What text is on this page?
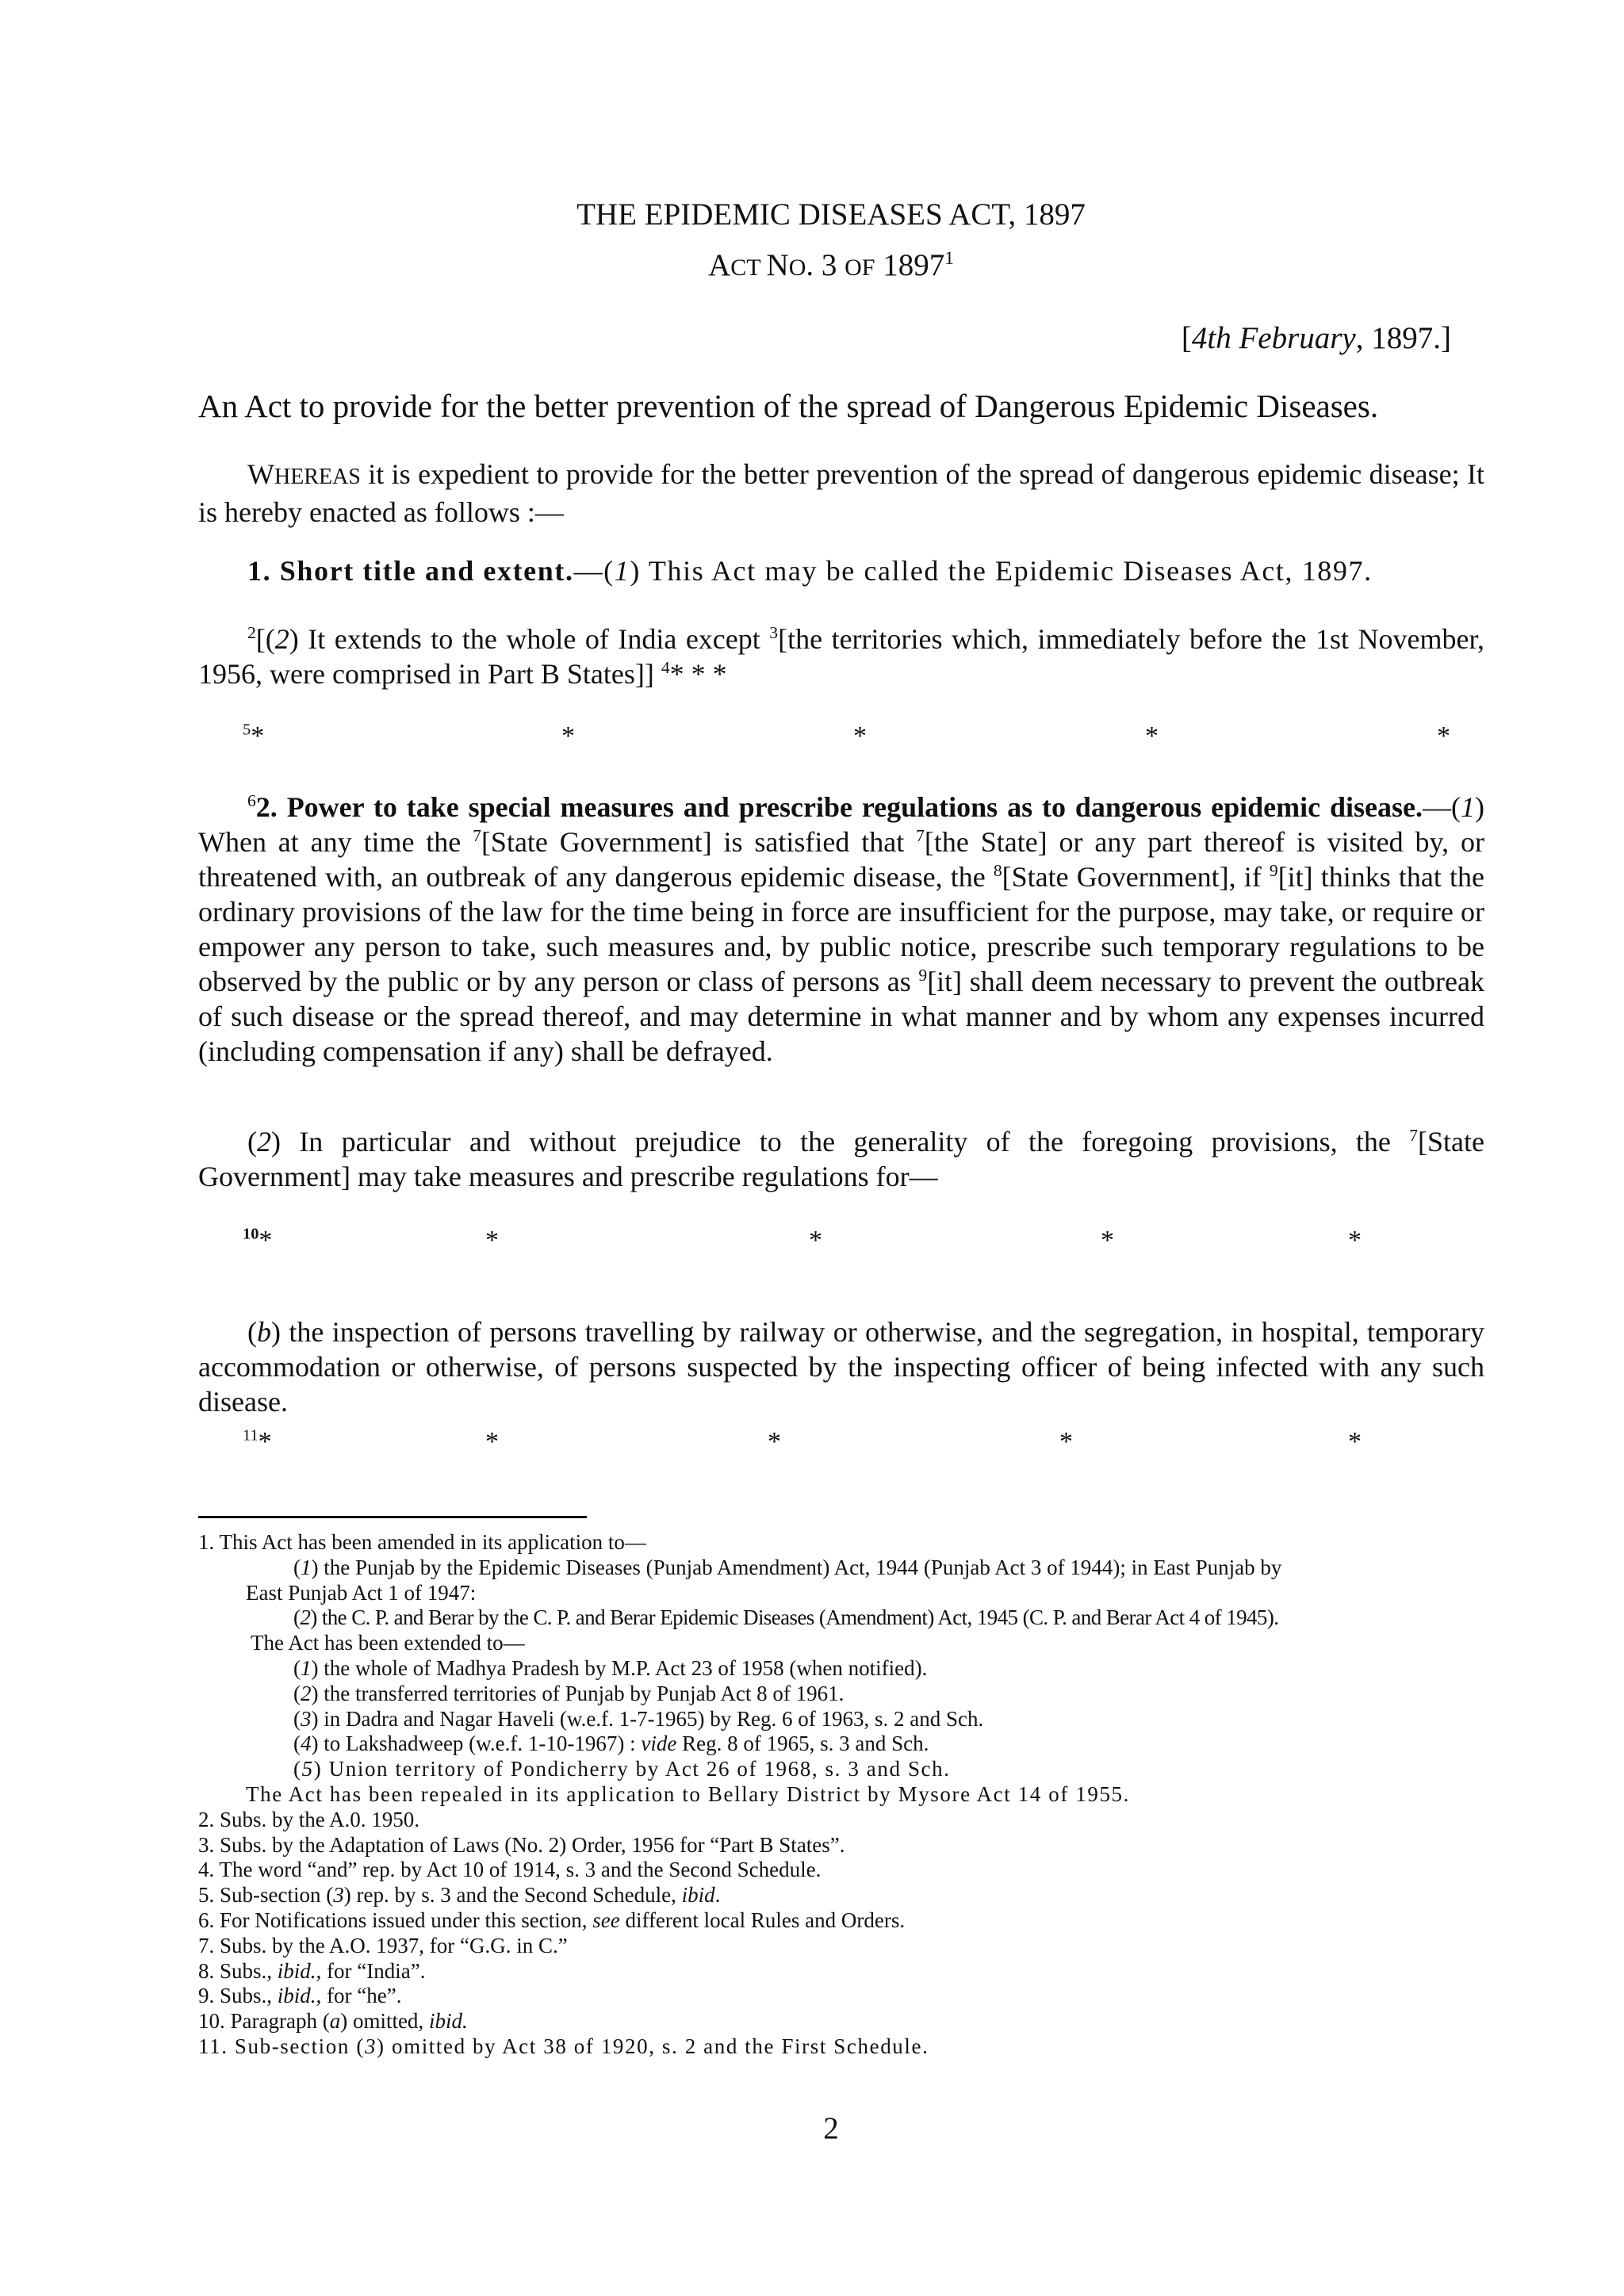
THE EPIDEMIC DISEASES ACT, 1897
ACT NO. 3 OF 1897$^1$
[4th February, 1897.]
An Act to provide for the better prevention of the spread of Dangerous Epidemic Diseases.
WHEREAS it is expedient to provide for the better prevention of the spread of dangerous epidemic disease; It is hereby enacted as follows :—
1. Short title and extent.—(1) This Act may be called the Epidemic Diseases Act, 1897.
$^2$[(2) It extends to the whole of India except $^3$[the territories which, immediately before the 1st November, 1956, were comprised in Part B States]] $^4$* * *
$^5$ *	*	*	*	*
$^6$2. Power to take special measures and prescribe regulations as to dangerous epidemic disease.—(1) When at any time the $^7$[State Government] is satisfied that $^7$[the State] or any part thereof is visited by, or threatened with, an outbreak of any dangerous epidemic disease, the $^8$[State Government], if $^9$[it] thinks that the ordinary provisions of the law for the time being in force are insufficient for the purpose, may take, or require or empower any person to take, such measures and, by public notice, prescribe such temporary regulations to be observed by the public or by any person or class of persons as $^9$[it] shall deem necessary to prevent the outbreak of such disease or the spread thereof, and may determine in what manner and by whom any expenses incurred (including compensation if any) shall be defrayed.
(2) In particular and without prejudice to the generality of the foregoing provisions, the $^7$[State Government] may take measures and prescribe regulations for—
$^{10}$ *	*	*	*	*
(b) the inspection of persons travelling by railway or otherwise, and the segregation, in hospital, temporary accommodation or otherwise, of persons suspected by the inspecting officer of being infected with any such disease.
$^{11}$ *	*	*	*	*
1. This Act has been amended in its application to—
(1) the Punjab by the Epidemic Diseases (Punjab Amendment) Act, 1944 (Punjab Act 3 of 1944); in East Punjab by
East Punjab Act 1 of 1947:
(2) the C. P. and Berar by the C. P. and Berar Epidemic Diseases (Amendment) Act, 1945 (C. P. and Berar Act 4 of 1945).
The Act has been extended to—
(1) the whole of Madhya Pradesh by M.P. Act 23 of 1958 (when notified).
(2) the transferred territories of Punjab by Punjab Act 8 of 1961.
(3) in Dadra and Nagar Haveli (w.e.f. 1-7-1965) by Reg. 6 of 1963, s. 2 and Sch.
(4) to Lakshadweep (w.e.f. 1-10-1967) : vide Reg. 8 of 1965, s. 3 and Sch.
(5) Union territory of Pondicherry by Act 26 of 1968, s. 3 and Sch.
The Act has been repealed in its application to Bellary District by Mysore Act 14 of 1955.
2. Subs. by the A.0. 1950.
3. Subs. by the Adaptation of Laws (No. 2) Order, 1956 for “Part B States”.
4. The word “and” rep. by Act 10 of 1914, s. 3 and the Second Schedule.
5. Sub-section (3) rep. by s. 3 and the Second Schedule, ibid.
6. For Notifications issued under this section, see different local Rules and Orders.
7. Subs. by the A.O. 1937, for “G.G. in C.”
8. Subs., ibid., for “India”.
9. Subs., ibid., for “he”.
10. Paragraph (a) omitted, ibid.
11. Sub-section (3) omitted by Act 38 of 1920, s. 2 and the First Schedule.
2
